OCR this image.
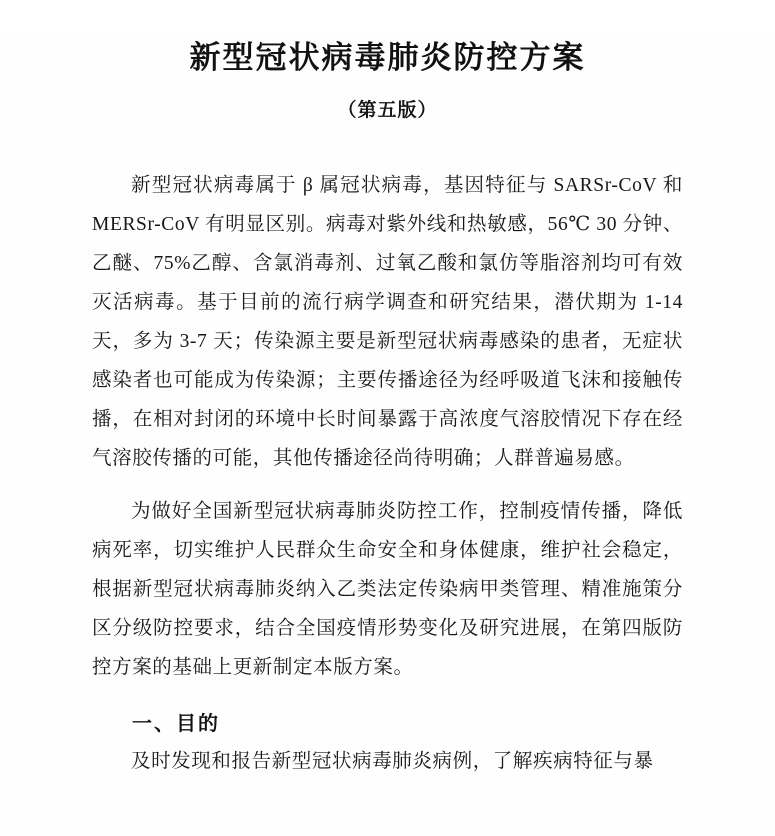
新型冠状病毒肺炎防控方案
（第五版）

新型冠状病毒属于 β 属冠状病毒，基因特征与 SARSr-CoV 和 MERSr-CoV 有明显区别。病毒对紫外线和热敏感，56℃ 30 分钟、乙醚、75%乙醇、含氯消毒剂、过氧乙酸和氯仿等脂溶剂均可有效灭活病毒。基于目前的流行病学调查和研究结果，潜伏期为 1-14 天，多为 3-7 天；传染源主要是新型冠状病毒感染的患者，无症状感染者也可能成为传染源；主要传播途径为经呼吸道飞沫和接触传播，在相对封闭的环境中长时间暴露于高浓度气溶胶情况下存在经气溶胶传播的可能，其他传播途径尚待明确；人群普遍易感。

为做好全国新型冠状病毒肺炎防控工作，控制疫情传播，降低病死率，切实维护人民群众生命安全和身体健康，维护社会稳定，根据新型冠状病毒肺炎纳入乙类法定传染病甲类管理、精准施策分区分级防控要求，结合全国疫情形势变化及研究进展，在第四版防控方案的基础上更新制定本版方案。

一、目的

及时发现和报告新型冠状病毒肺炎病例，了解疾病特征与暴
